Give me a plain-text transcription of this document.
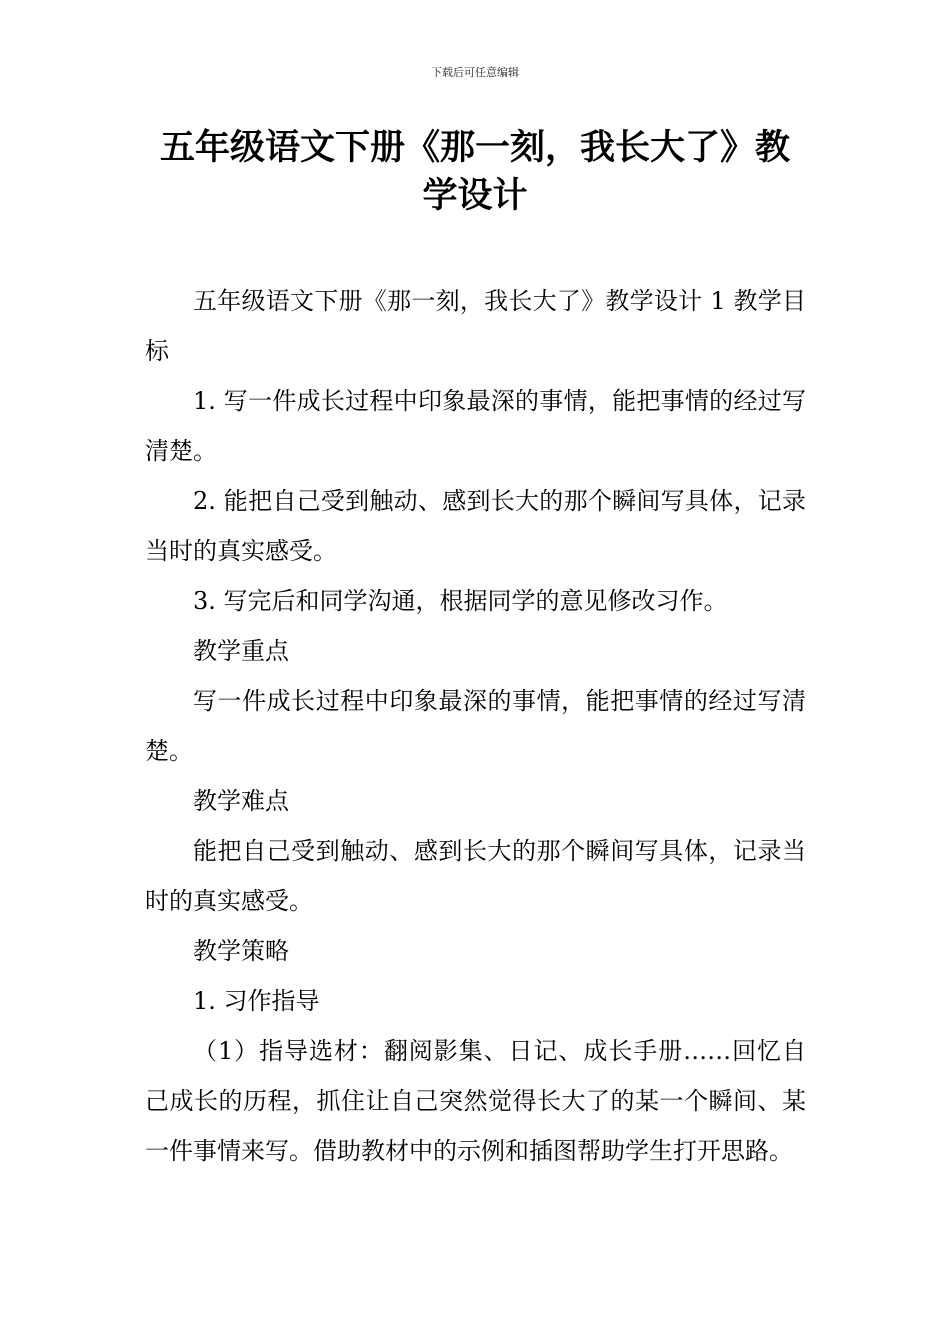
下载后可任意编辑
五年级语文下册《那一刻，我长大了》教学设计

五年级语文下册《那一刻，我长大了》教学设计 1 教学目标

1. 写一件成长过程中印象最深的事情，能把事情的经过写清楚。

2. 能把自己受到触动、感到长大的那个瞬间写具体，记录当时的真实感受。

3. 写完后和同学沟通，根据同学的意见修改习作。

教学重点

写一件成长过程中印象最深的事情，能把事情的经过写清楚。

教学难点

能把自己受到触动、感到长大的那个瞬间写具体，记录当时的真实感受。

教学策略

1. 习作指导

（1）指导选材：翻阅影集、日记、成长手册……回忆自己成长的历程，抓住让自己突然觉得长大了的某一个瞬间、某一件事情来写。借助教材中的示例和插图帮助学生打开思路。
